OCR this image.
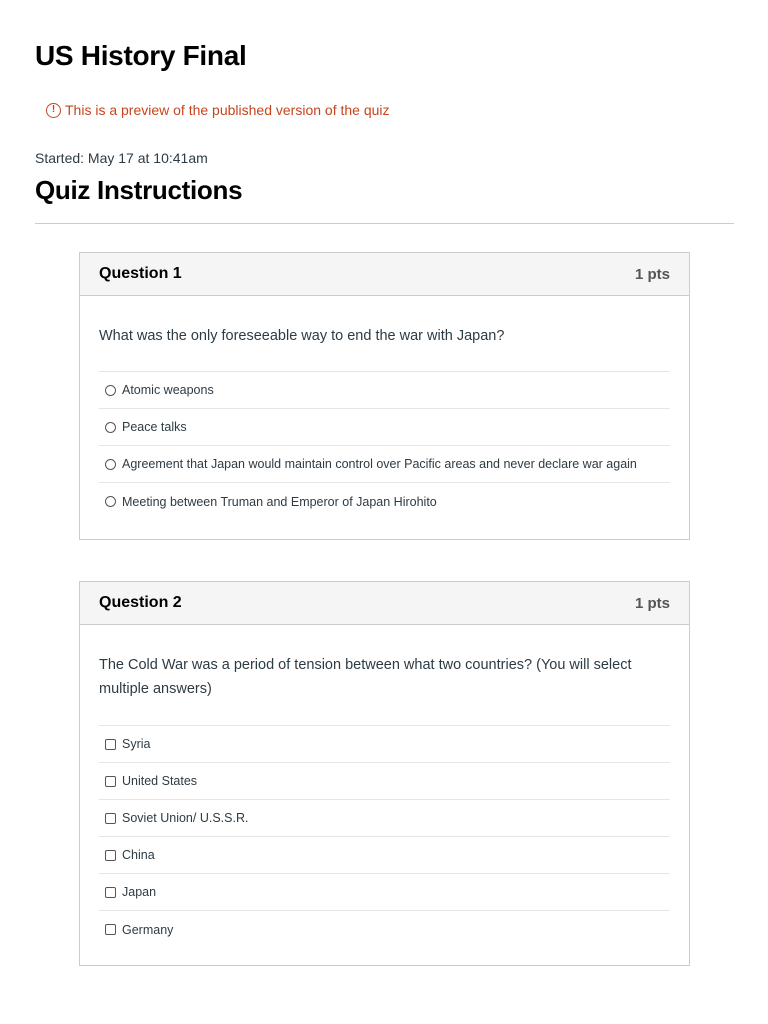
US History Final
! This is a preview of the published version of the quiz
Started: May 17 at 10:41am
Quiz Instructions
Question 1	1 pts
What was the only foreseeable way to end the war with Japan?
Atomic weapons
Peace talks
Agreement that Japan would maintain control over Pacific areas and never declare war again
Meeting between Truman and Emperor of Japan Hirohito
Question 2	1 pts
The Cold War was a period of tension between what two countries? (You will select multiple answers)
Syria
United States
Soviet Union/ U.S.S.R.
China
Japan
Germany
